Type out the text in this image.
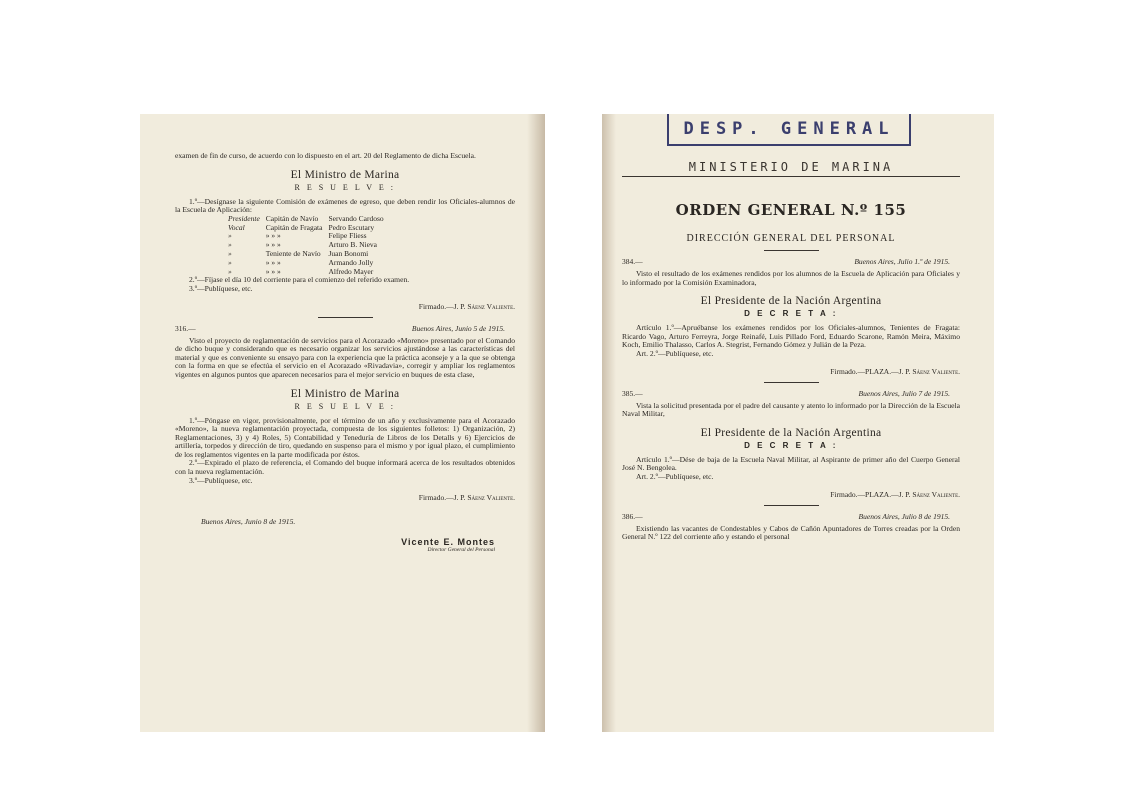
examen de fin de curso, de acuerdo con lo dispuesto en el art. 20 del Reglamento de dicha Escuela.

El Ministro de Marina
R E S U E L V E :

1.º—Desígnase la siguiente Comisión de exámenes de egreso, que deben rendir los Oficiales-alumnos de la Escuela de Aplicación:

Presidente	Capitán de Navío	Servando Cardoso
Vocal	Capitán de Fragata	Pedro Escutary
»	» » »	Felipe Fliess
»	» » »	Arturo B. Nieva
»	Teniente de Navío	Juan Bonomi
»	» » »	Armando Jolly
»	» » »	Alfredo Mayer

2.º—Fíjase el día 10 del corriente para el comienzo del referido examen.

3.º—Publíquese, etc.

Firmado.—J. P. Sáenz Valiente.
316.—	Buenos Aires, Junio 5 de 1915.

Visto el proyecto de reglamentación de servicios para el Acorazado «Moreno» presentado por el Comando de dicho buque y considerando que es necesario organizar los servicios ajustándose a las características del material y que es conveniente su ensayo para con la experiencia que la práctica aconseje y a la que se obtenga con la forma en que se efectúa el servicio en el Acorazado «Rivadavia», corregir y ampliar los reglamentos vigentes en algunos puntos que aparecen necesarios para el mejor servicio en buques de esta clase,

El Ministro de Marina
R E S U E L V E :

1.º—Póngase en vigor, provisionalmente, por el término de un año y exclusivamente para el Acorazado «Moreno», la nueva reglamentación proyectada, compuesta de los siguientes folletos: 1) Organización, 2) Reglamentaciones, 3) y 4) Roles, 5) Contabilidad y Teneduría de Libros de los Detalls y 6) Ejercicios de artillería, torpedos y dirección de tiro, quedando en suspenso para el mismo y por igual plazo, el cumplimiento de los reglamentos vigentes en la parte modificada por éstos.

2.º—Expirado el plazo de referencia, el Comando del buque informará acerca de los resultados obtenidos con la nueva reglamentación.

3.º—Publíquese, etc.

Firmado.—J. P. Sáenz Valiente.

Buenos Aires, Junio 8 de 1915.

Vicente E. Montes
Director General del Personal
DESP. GENERAL
MINISTERIO DE MARINA
ORDEN GENERAL N.º 155
DIRECCIÓN GENERAL DEL PERSONAL
384.—	Buenos Aires, Julio 1.º de 1915.

Visto el resultado de los exámenes rendidos por los alumnos de la Escuela de Aplicación para Oficiales y lo informado por la Comisión Examinadora,

El Presidente de la Nación Argentina
D E C R E T A :

Artículo 1.º—Apruébanse los exámenes rendidos por los Oficiales-alumnos, Tenientes de Fragata: Ricardo Vago, Arturo Ferreyra, Jorge Reinafé, Luis Pillado Ford, Eduardo Scarone, Ramón Meira, Máximo Koch, Emilio Thalasso, Carlos A. Stegrist, Fernando Gómez y Julián de la Peza.

Art. 2.º—Publíquese, etc.

Firmado.—PLAZA.—J. P. Sáenz Valiente.
385.—	Buenos Aires, Julio 7 de 1915.

Vista la solicitud presentada por el padre del causante y atento lo informado por la Dirección de la Escuela Naval Militar,

El Presidente de la Nación Argentina
D E C R E T A :

Artículo 1.º—Dése de baja de la Escuela Naval Militar, al Aspirante de primer año del Cuerpo General José N. Bengolea.

Art. 2.º—Publíquese, etc.

Firmado.—PLAZA.—J. P. Sáenz Valiente.
386.—	Buenos Aires, Julio 8 de 1915.

Existiendo las vacantes de Condestables y Cabos de Cañón Apuntadores de Torres creadas por la Orden General N.º 122 del corriente año y estando el personal
